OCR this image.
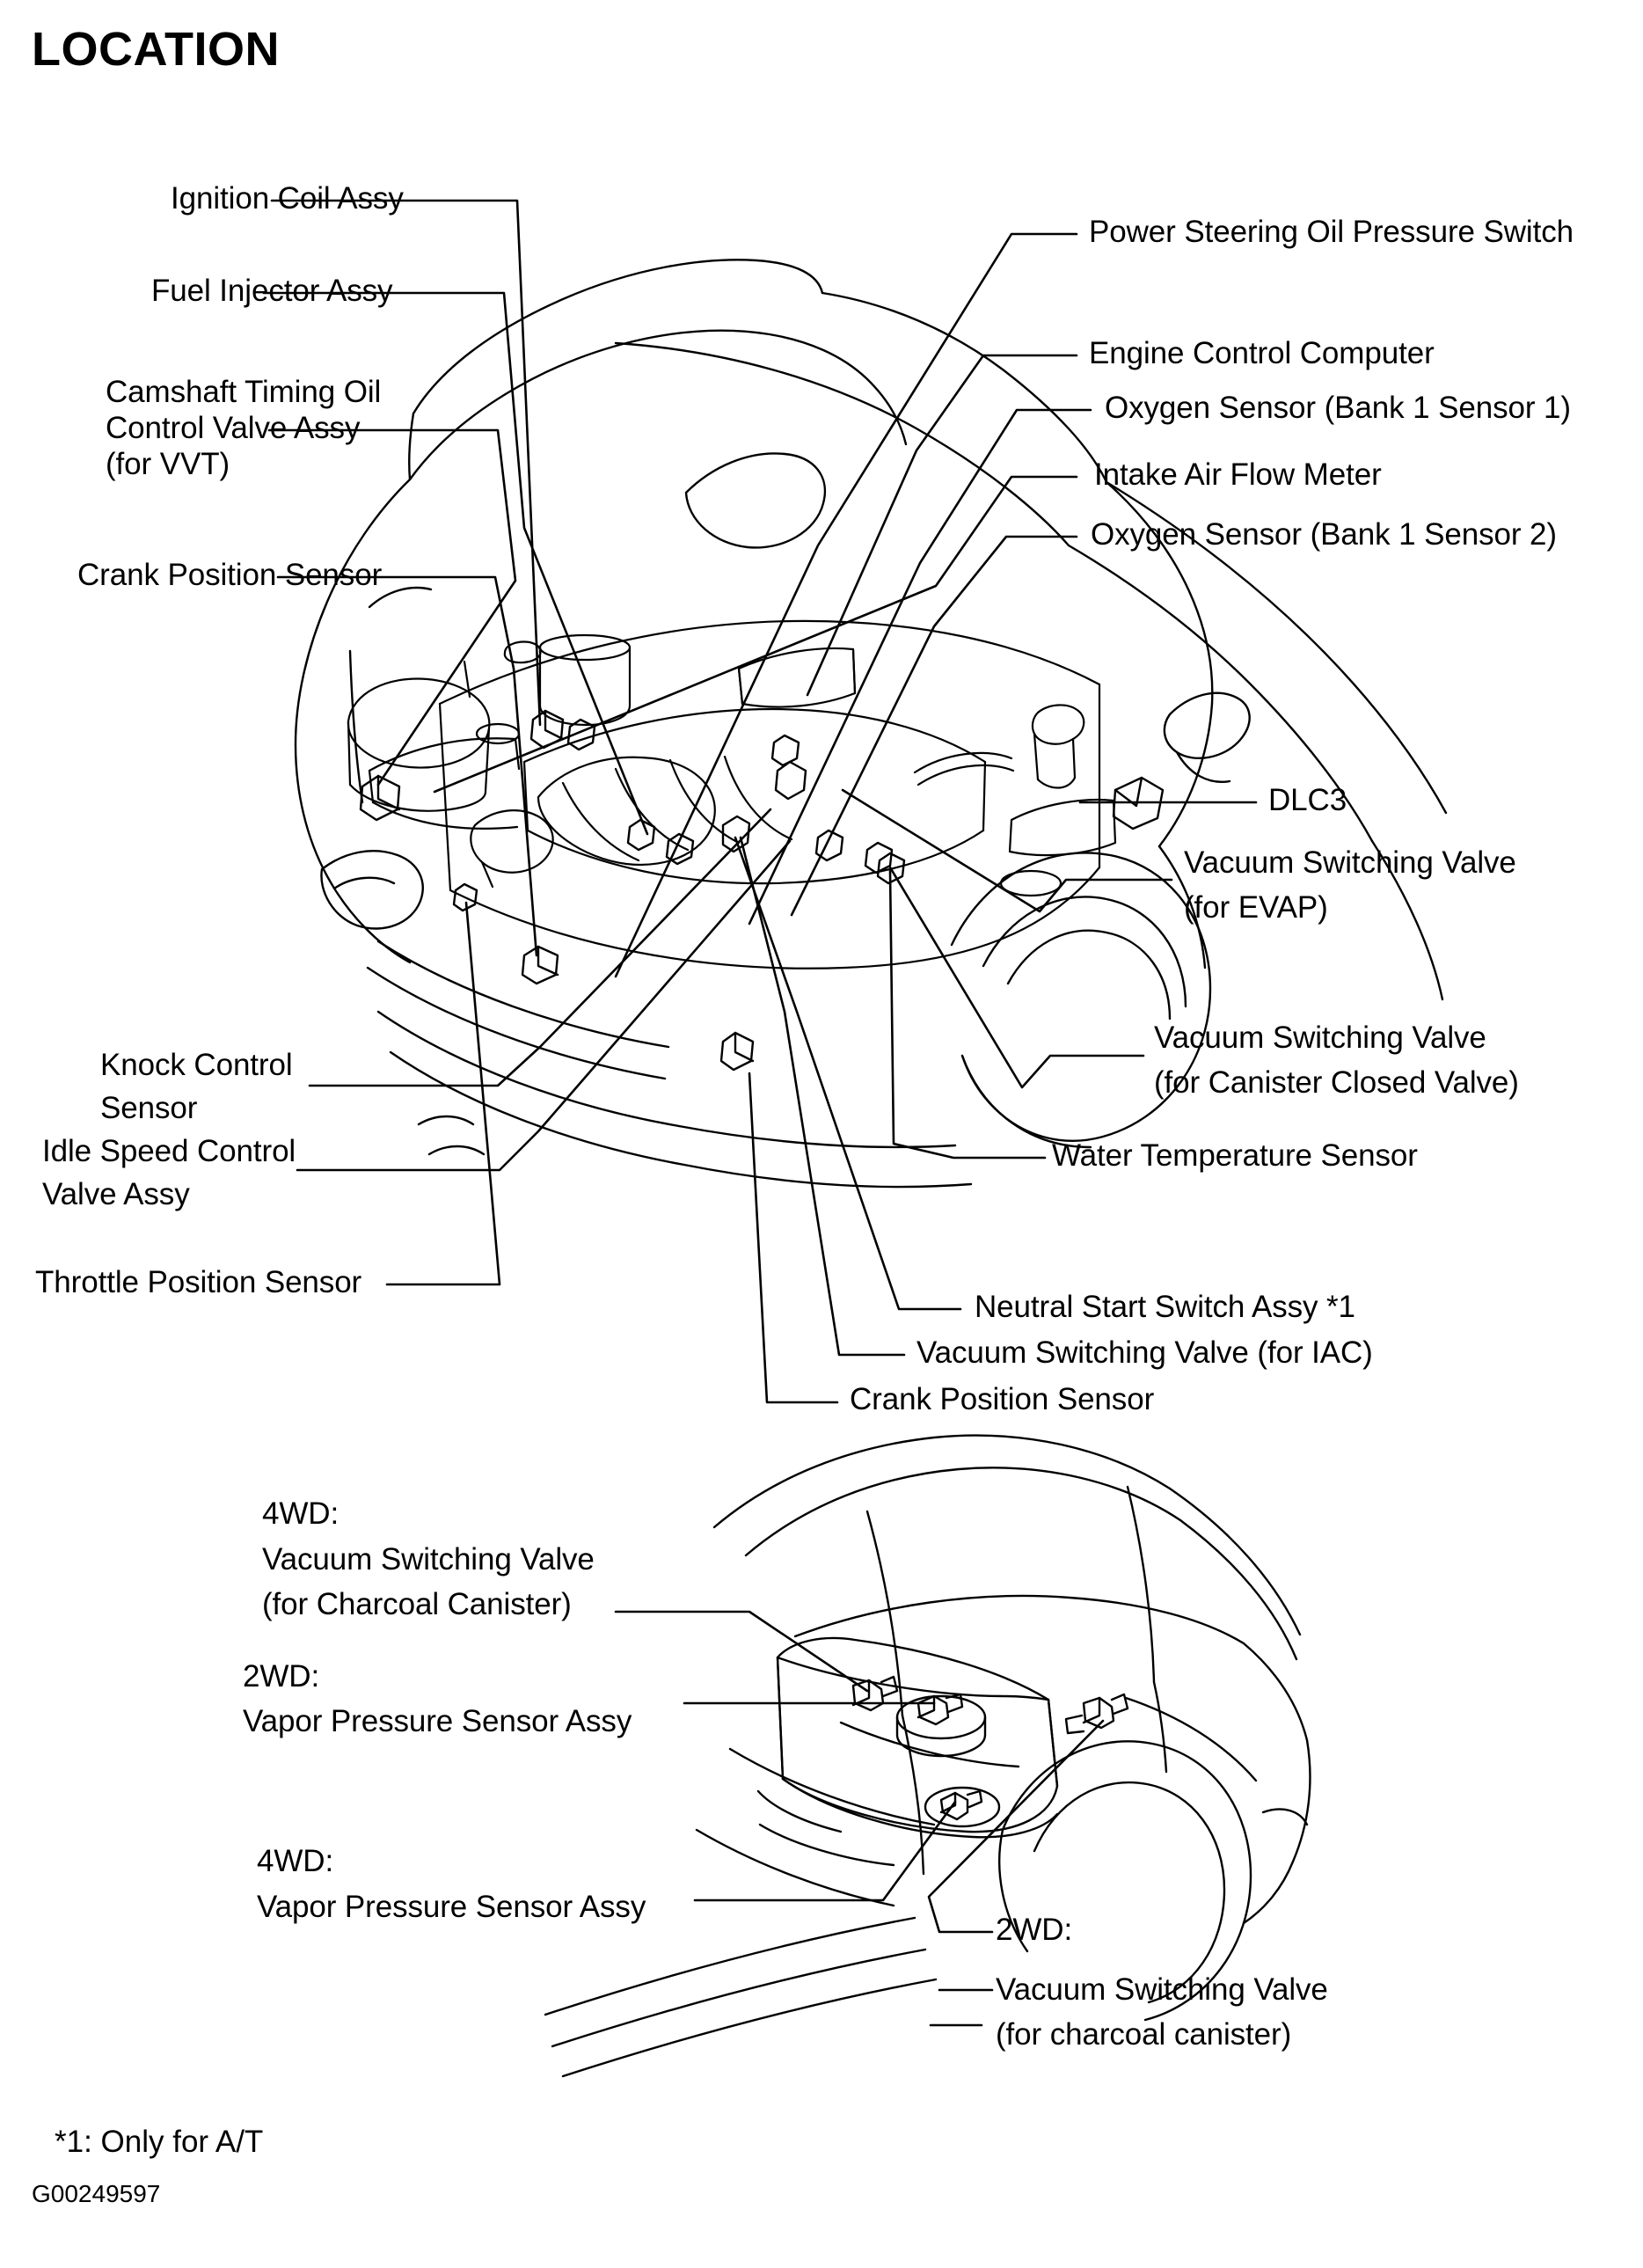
LOCATION
Ignition Coil Assy
Fuel Injector Assy
Camshaft Timing Oil
Control Valve Assy
(for VVT)
Crank Position Sensor
Knock Control
Sensor
Idle Speed Control
Valve Assy
Throttle Position Sensor
Power Steering Oil Pressure Switch
Engine Control Computer
Oxygen Sensor (Bank 1 Sensor 1)
Intake Air Flow Meter
Oxygen Sensor (Bank 1 Sensor 2)
DLC3
Vacuum Switching Valve
(for EVAP)
Vacuum Switching Valve
(for Canister Closed Valve)
Water Temperature Sensor
Neutral Start Switch Assy *1
Vacuum Switching Valve (for IAC)
Crank Position Sensor
4WD:
Vacuum Switching Valve
(for Charcoal Canister)
2WD:
Vapor Pressure Sensor Assy
4WD:
Vapor Pressure Sensor Assy
2WD:
Vacuum Switching Valve
(for charcoal canister)
*1: Only for A/T
G00249597
